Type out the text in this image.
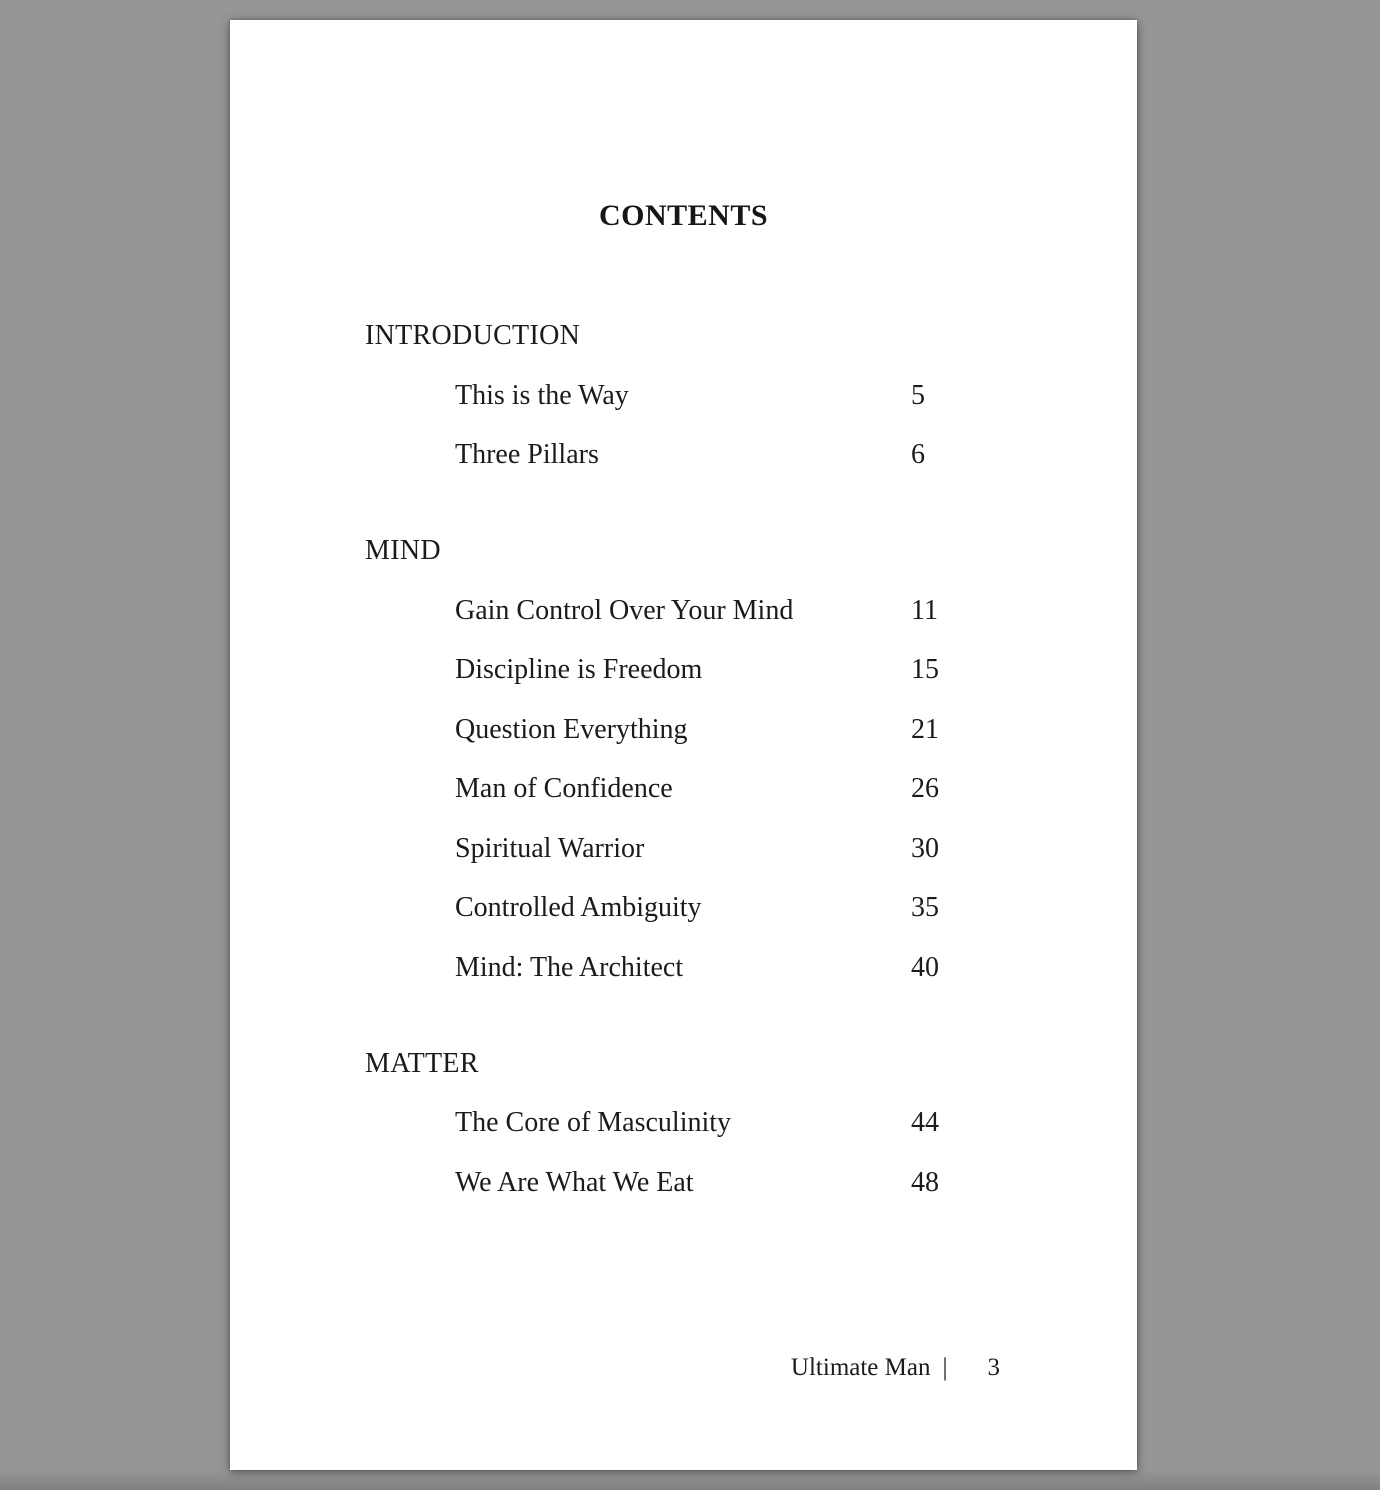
CONTENTS
INTRODUCTION
This is the Way	5
Three Pillars	6
MIND
Gain Control Over Your Mind	11
Discipline is Freedom	15
Question Everything	21
Man of Confidence	26
Spiritual Warrior	30
Controlled Ambiguity	35
Mind: The Architect	40
MATTER
The Core of Masculinity	44
We Are What We Eat	48
Ultimate Man | 3
